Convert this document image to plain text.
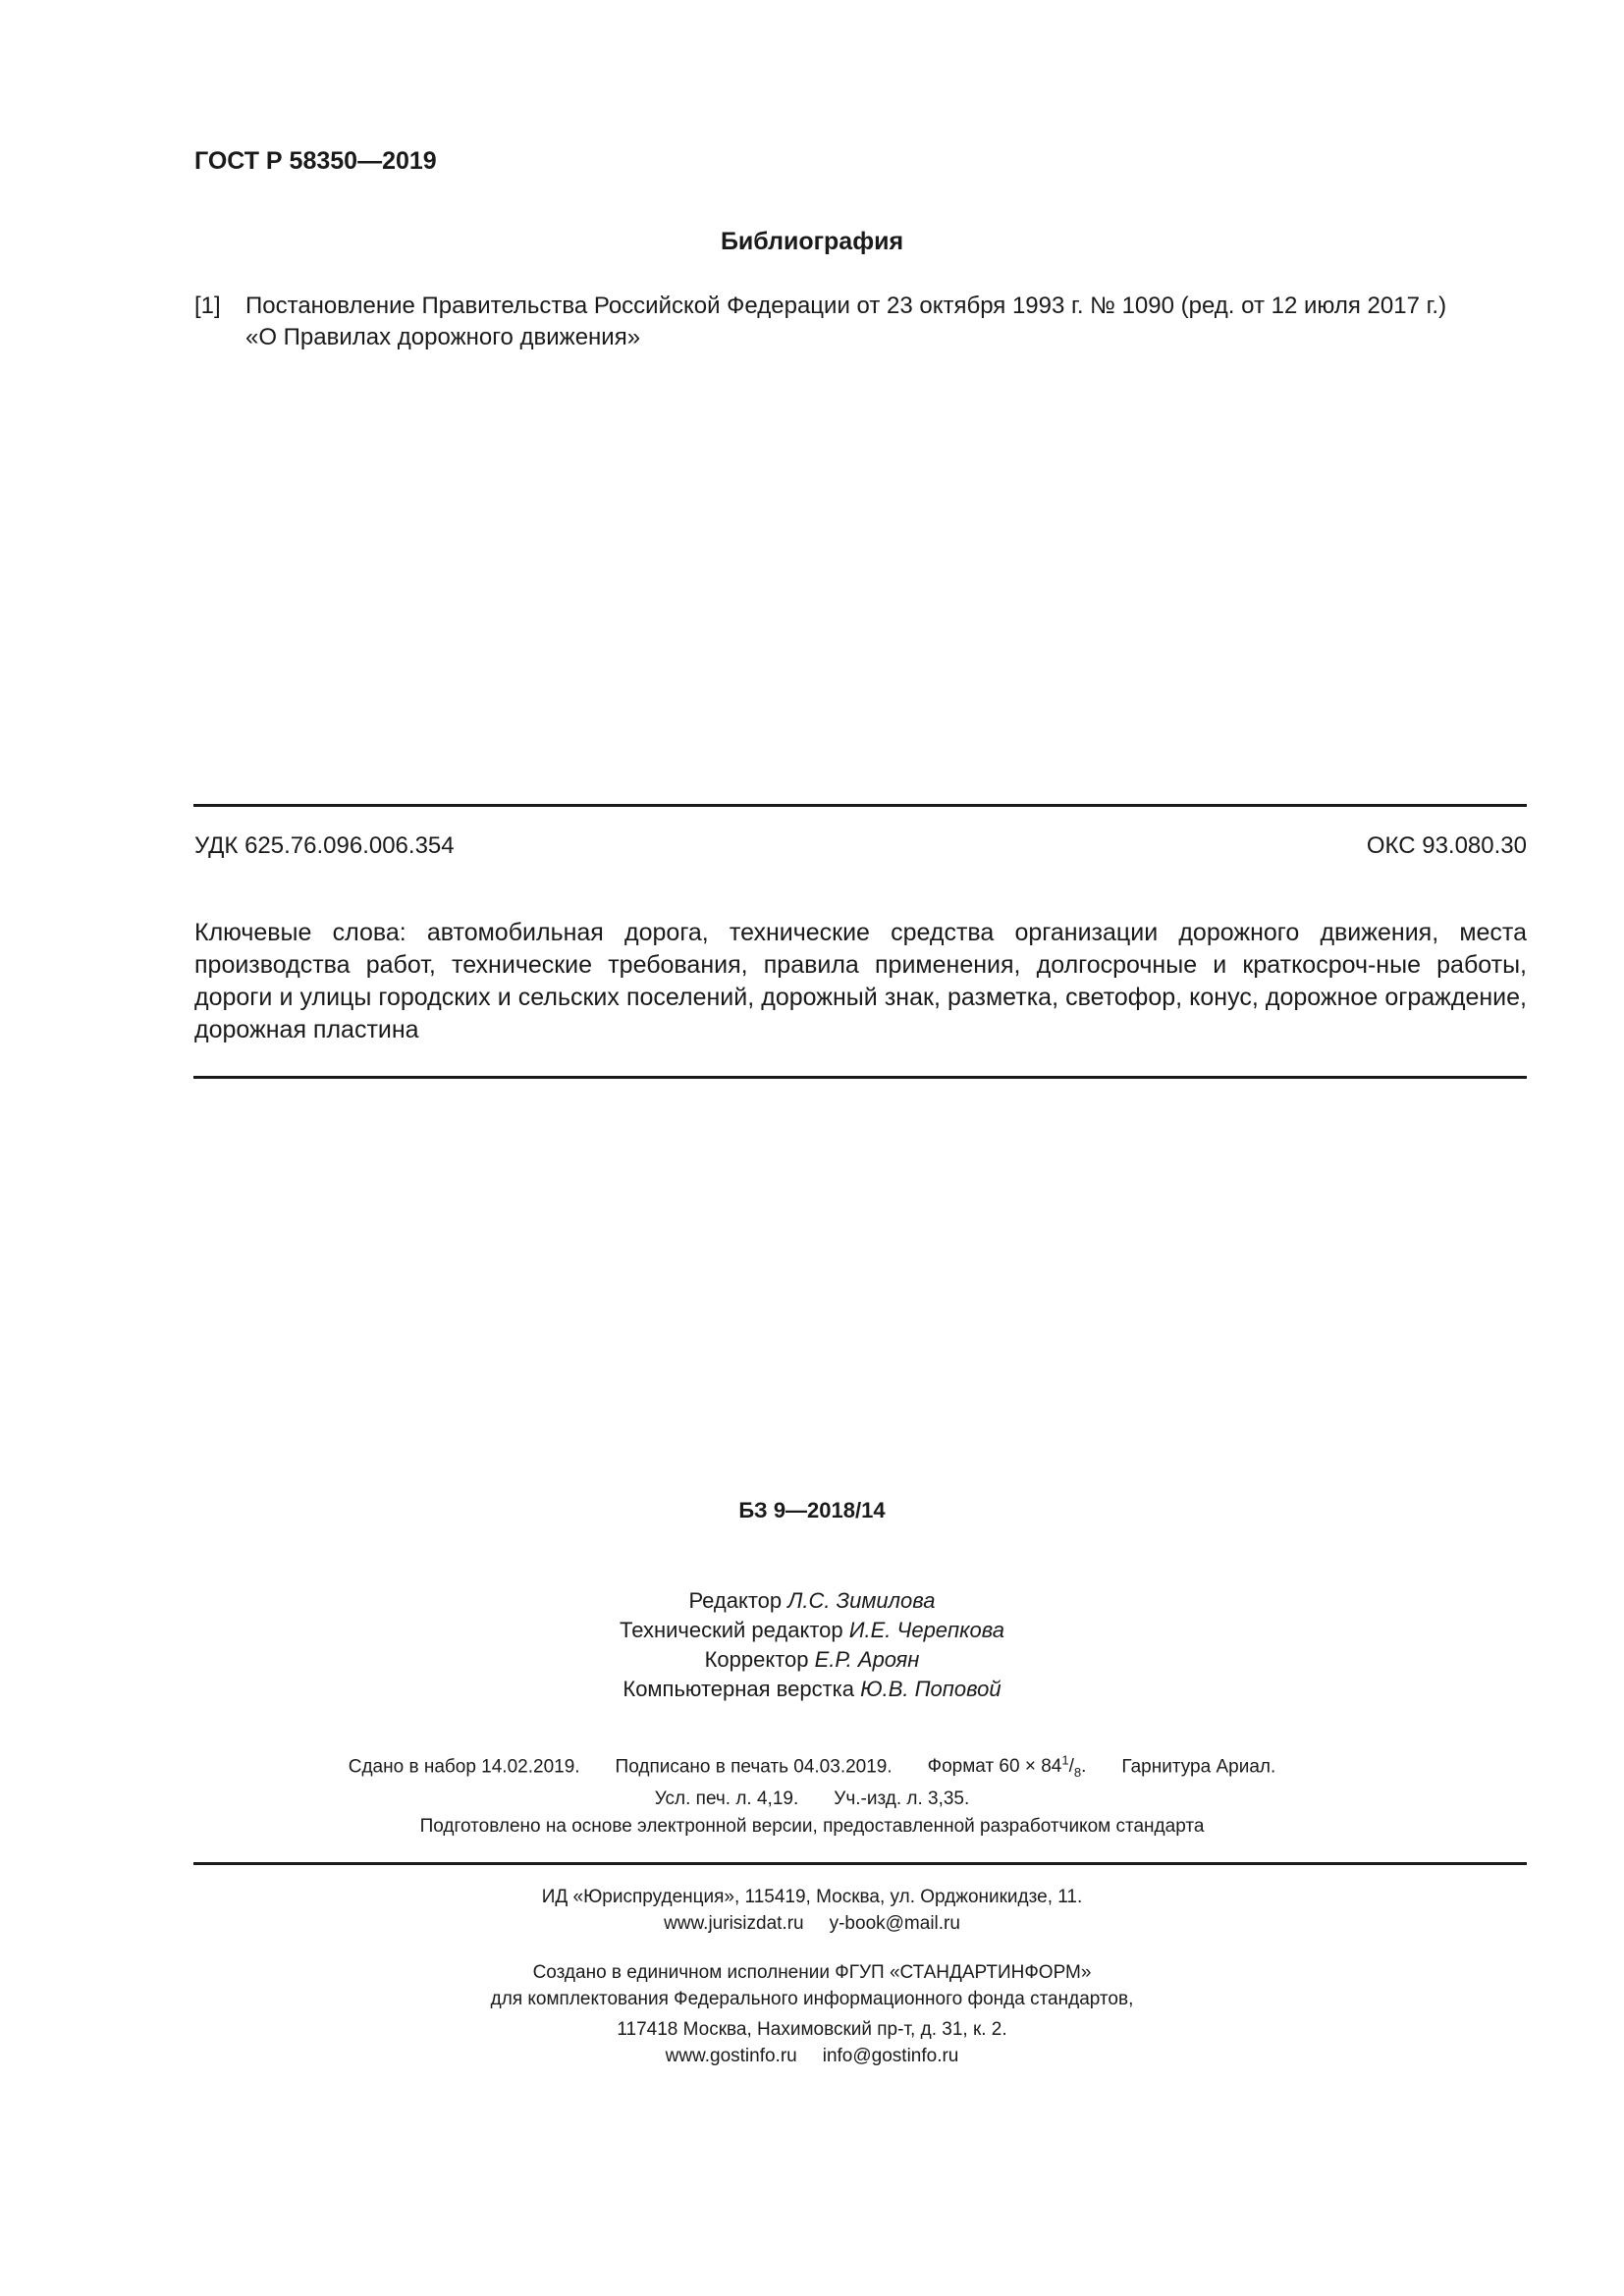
ГОСТ Р 58350—2019
Библиография
[1] Постановление Правительства Российской Федерации от 23 октября 1993 г. № 1090 (ред. от 12 июля 2017 г.)
«О Правилах дорожного движения»
УДК 625.76.096.006.354	ОКС 93.080.30
Ключевые слова: автомобильная дорога, технические средства организации дорожного движения, места производства работ, технические требования, правила применения, долгосрочные и краткосроч-ные работы, дороги и улицы городских и сельских поселений, дорожный знак, разметка, светофор, конус, дорожное ограждение, дорожная пластина
БЗ 9—2018/14
Редактор Л.С. Зимилова
Технический редактор И.Е. Черепкова
Корректор Е.Р. Ароян
Компьютерная верстка Ю.В. Поповой
Сдано в набор 14.02.2019. Подписано в печать 04.03.2019. Формат $60 \times 84^1/_8$. Гарнитура Ариал.
Усл. печ. л. 4,19. Уч.-изд. л. 3,35.
Подготовлено на основе электронной версии, предоставленной разработчиком стандарта
ИД «Юриспруденция», 115419, Москва, ул. Орджоникидзе, 11.
www.jurisizdat.ru y-book@mail.ru
Создано в единичном исполнении ФГУП «СТАНДАРТИНФОРМ»
для комплектования Федерального информационного фонда стандартов,
117418 Москва, Нахимовский пр-т, д. 31, к. 2.
www.gostinfo.ru info@gostinfo.ru
